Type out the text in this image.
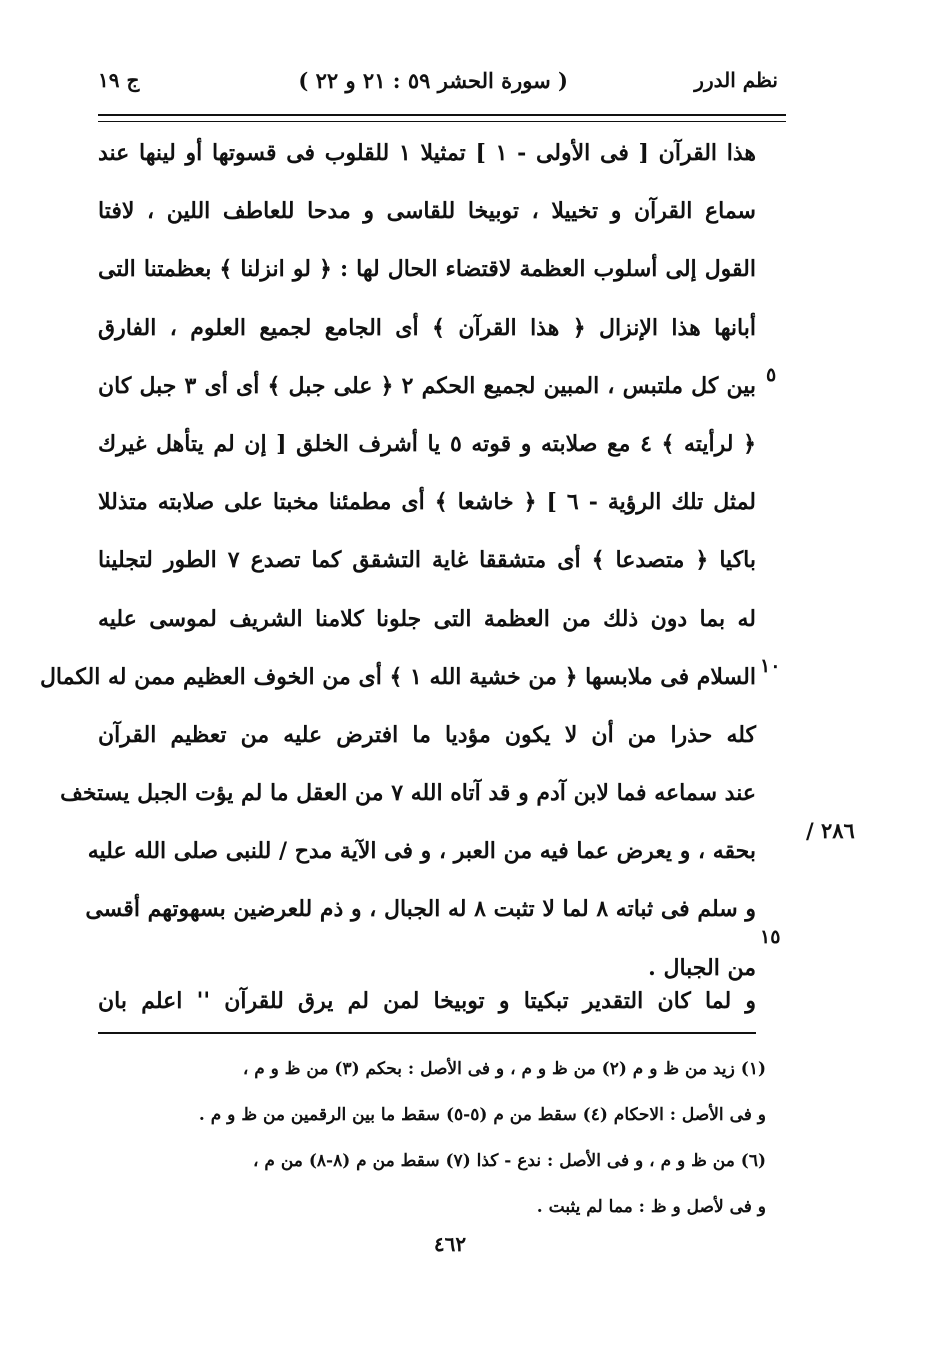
نظم الدرر
( سورة الحشر ٥٩ : ٢١ و ٢٢ )
ج ١٩
هذا القرآن [ فى الأولى - ١ ] تمثيلا ١ للقلوب فى قسوتها أو لينها عند
سماع القرآن و تخييلا ، توبيخا للقاسى و مدحا للعاطف اللين ، لافتا
القول إلى أسلوب العظمة لاقتضاء الحال لها : ﴿ لو انزلنا ﴾ بعظمتنا التى
أبانها هذا الإنزال ﴿ هذا القرآن ﴾ أى الجامع لجميع العلوم ، الفارق
بين كل ملتبس ، المبين لجميع الحكم ٢ ﴿ على جبل ﴾ أى أى ٣ جبل كان
﴿ لرأيته ﴾ ٤ مع صلابته و قوته ٥ يا أشرف الخلق [ إن لم يتأهل غيرك
لمثل تلك الرؤية - ٦ ] ﴿ خاشعا ﴾ أى مطمئنا مخبتا على صلابته متذللا
باكيا ﴿ متصدعا ﴾ أى متشققا غاية التشقق كما تصدع ٧ الطور لتجلينا
له بما دون ذلك من العظمة التى جلونا كلامنا الشريف لموسى عليه
السلام فى ملابسها ﴿ من خشية الله ١ ﴾ أى من الخوف العظيم ممن له الكمال
كله حذرا من أن لا يكون مؤديا ما افترض عليه من تعظيم القرآن
عند سماعه فما لابن آدم و قد آتاه الله ٧ من العقل ما لم يؤت الجبل يستخف
بحقه ، و يعرض عما فيه من العبر ، و فى الآية مدح / للنبى صلى الله عليه
و سلم فى ثباته ٨ لما لا تثبت ٨ له الجبال ، و ذم للعرضين بسهوتهم أقسى
من الجبال .
٥
١٠
١٥
٢٨٦ /
و لما كان التقدير تبكيتا و توبيخا لمن لم يرق للقرآن '' اعلم بان
(١) زيد من ظ و م (٢) من ظ و م ، و فى الأصل : بحكم (٣) من ظ و م ،
و فى الأصل : الاحكام (٤) سقط من م (٥-٥) سقط ما بين الرقمين من ظ و م .
(٦) من ظ و م ، و فى الأصل : ندع - كذا (٧) سقط من م (٨-٨) من م ،
و فى لأصل و ظ : مما لم يثبت .
٤٦٢
